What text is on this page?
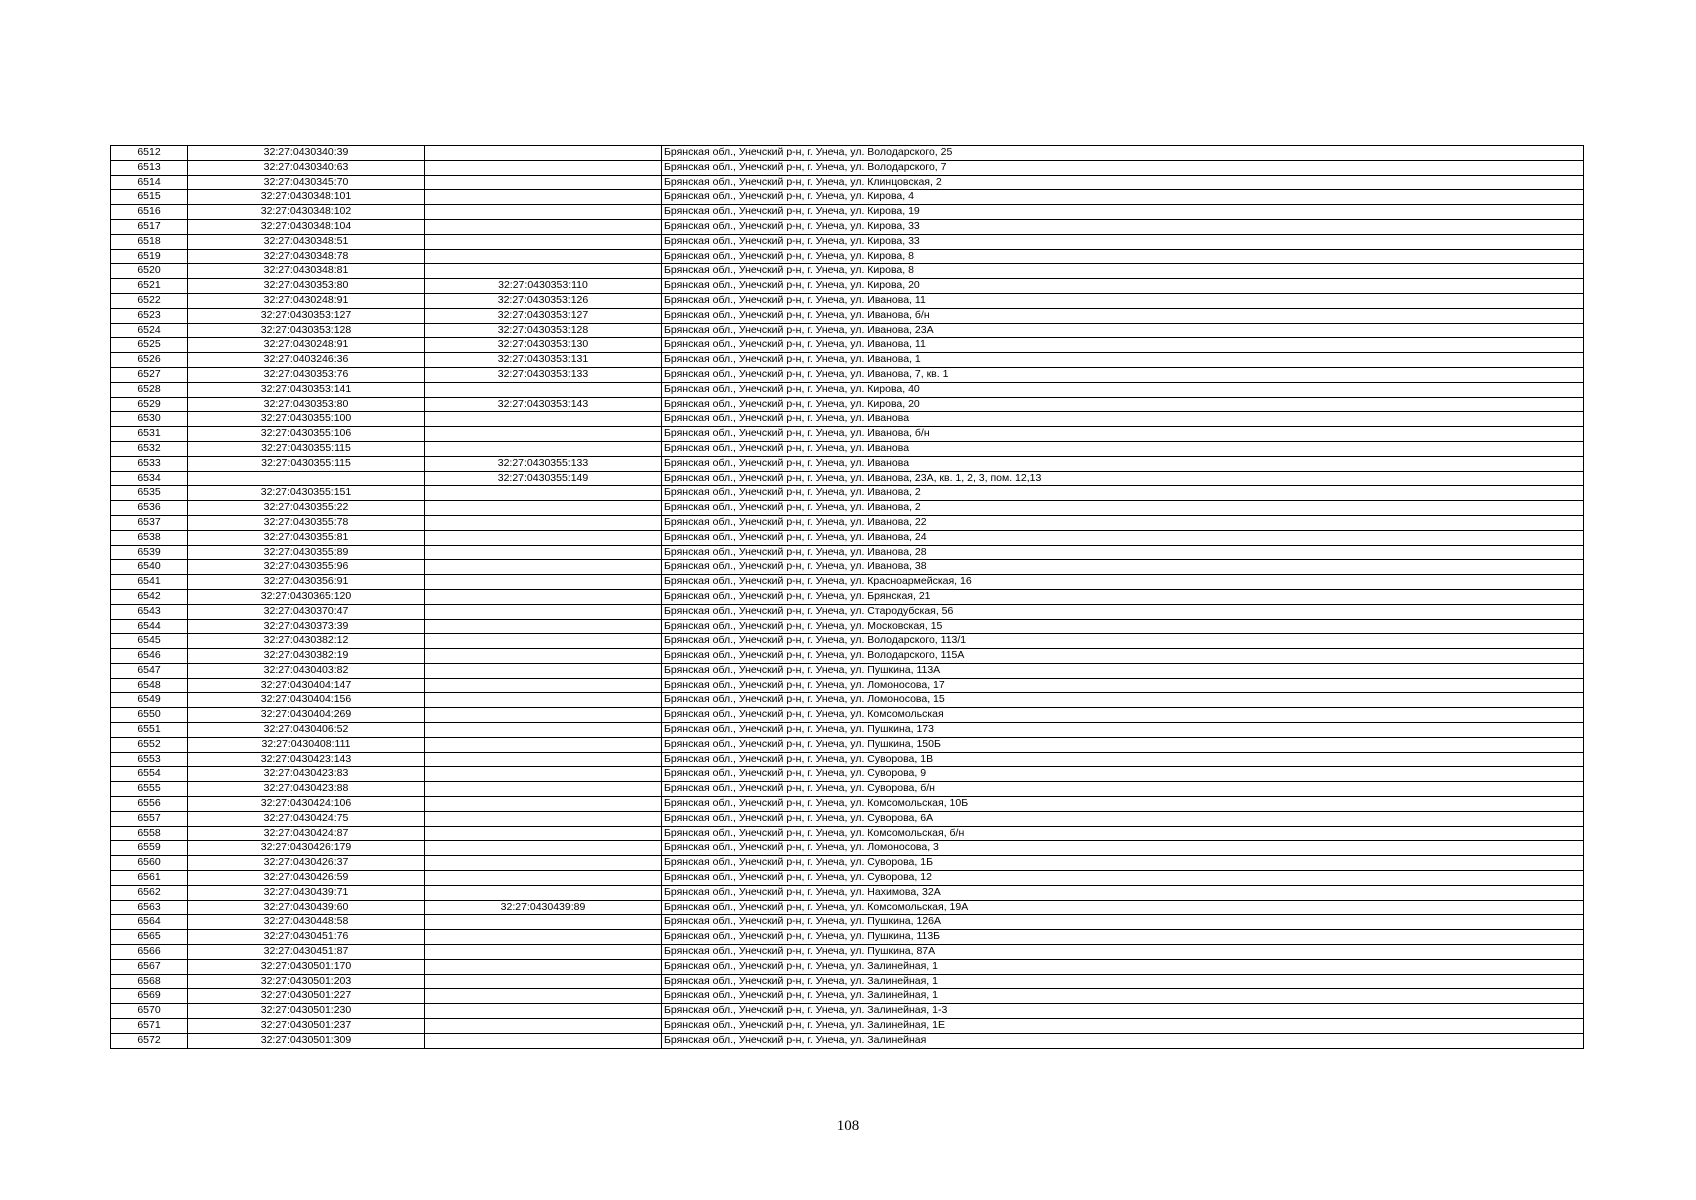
6512	32:27:0430340:39		Брянская обл., Унечский р-н, г. Унеча, ул. Володарского, 25
6513	32:27:0430340:63		Брянская обл., Унечский р-н, г. Унеча, ул. Володарского, 7
6514	32:27:0430345:70		Брянская обл., Унечский р-н, г. Унеча, ул. Клинцовская, 2
6515	32:27:0430348:101		Брянская обл., Унечский р-н, г. Унеча, ул. Кирова, 4
6516	32:27:0430348:102		Брянская обл., Унечский р-н, г. Унеча, ул. Кирова, 19
6517	32:27:0430348:104		Брянская обл., Унечский р-н, г. Унеча, ул. Кирова, 33
6518	32:27:0430348:51		Брянская обл., Унечский р-н, г. Унеча, ул. Кирова, 33
6519	32:27:0430348:78		Брянская обл., Унечский р-н, г. Унеча, ул. Кирова, 8
6520	32:27:0430348:81		Брянская обл., Унечский р-н, г. Унеча, ул. Кирова, 8
6521	32:27:0430353:80	32:27:0430353:110	Брянская обл., Унечский р-н, г. Унеча, ул. Кирова, 20
6522	32:27:0430248:91	32:27:0430353:126	Брянская обл., Унечский р-н, г. Унеча, ул. Иванова, 11
6523	32:27:0430353:127	32:27:0430353:127	Брянская обл., Унечский р-н, г. Унеча, ул. Иванова, б/н
6524	32:27:0430353:128	32:27:0430353:128	Брянская обл., Унечский р-н, г. Унеча, ул. Иванова, 23А
6525	32:27:0430248:91	32:27:0430353:130	Брянская обл., Унечский р-н, г. Унеча, ул. Иванова, 11
6526	32:27:0403246:36	32:27:0430353:131	Брянская обл., Унечский р-н, г. Унеча, ул. Иванова, 1
6527	32:27:0430353:76	32:27:0430353:133	Брянская обл., Унечский р-н, г. Унеча, ул. Иванова, 7, кв. 1
6528	32:27:0430353:141		Брянская обл., Унечский р-н, г. Унеча, ул. Кирова, 40
6529	32:27:0430353:80	32:27:0430353:143	Брянская обл., Унечский р-н, г. Унеча, ул. Кирова, 20
6530	32:27:0430355:100		Брянская обл., Унечский р-н, г. Унеча, ул. Иванова
6531	32:27:0430355:106		Брянская обл., Унечский р-н, г. Унеча, ул. Иванова, б/н
6532	32:27:0430355:115		Брянская обл., Унечский р-н, г. Унеча, ул. Иванова
6533	32:27:0430355:115	32:27:0430355:133	Брянская обл., Унечский р-н, г. Унеча, ул. Иванова
6534		32:27:0430355:149	Брянская обл., Унечский р-н, г. Унеча, ул. Иванова, 23А, кв. 1, 2, 3, пом. 12,13
6535	32:27:0430355:151		Брянская обл., Унечский р-н, г. Унеча, ул. Иванова, 2
6536	32:27:0430355:22		Брянская обл., Унечский р-н, г. Унеча, ул. Иванова, 2
6537	32:27:0430355:78		Брянская обл., Унечский р-н, г. Унеча, ул. Иванова, 22
6538	32:27:0430355:81		Брянская обл., Унечский р-н, г. Унеча, ул. Иванова, 24
6539	32:27:0430355:89		Брянская обл., Унечский р-н, г. Унеча, ул. Иванова, 28
6540	32:27:0430355:96		Брянская обл., Унечский р-н, г. Унеча, ул. Иванова, 38
6541	32:27:0430356:91		Брянская обл., Унечский р-н, г. Унеча, ул. Красноармейская, 16
6542	32:27:0430365:120		Брянская обл., Унечский р-н, г. Унеча, ул. Брянская, 21
6543	32:27:0430370:47		Брянская обл., Унечский р-н, г. Унеча, ул. Стародубская, 56
6544	32:27:0430373:39		Брянская обл., Унечский р-н, г. Унеча, ул. Московская, 15
6545	32:27:0430382:12		Брянская обл., Унечский р-н, г. Унеча, ул. Володарского, 113/1
6546	32:27:0430382:19		Брянская обл., Унечский р-н, г. Унеча, ул. Володарского, 115А
6547	32:27:0430403:82		Брянская обл., Унечский р-н, г. Унеча, ул. Пушкина, 113А
6548	32:27:0430404:147		Брянская обл., Унечский р-н, г. Унеча, ул. Ломоносова, 17
6549	32:27:0430404:156		Брянская обл., Унечский р-н, г. Унеча, ул. Ломоносова, 15
6550	32:27:0430404:269		Брянская обл., Унечский р-н, г. Унеча, ул. Комсомольская
6551	32:27:0430406:52		Брянская обл., Унечский р-н, г. Унеча, ул. Пушкина, 173
6552	32:27:0430408:111		Брянская обл., Унечский р-н, г. Унеча, ул. Пушкина, 150Б
6553	32:27:0430423:143		Брянская обл., Унечский р-н, г. Унеча, ул. Суворова, 1В
6554	32:27:0430423:83		Брянская обл., Унечский р-н, г. Унеча, ул. Суворова, 9
6555	32:27:0430423:88		Брянская обл., Унечский р-н, г. Унеча, ул. Суворова, б/н
6556	32:27:0430424:106		Брянская обл., Унечский р-н, г. Унеча, ул. Комсомольская, 10Б
6557	32:27:0430424:75		Брянская обл., Унечский р-н, г. Унеча, ул. Суворова, 6А
6558	32:27:0430424:87		Брянская обл., Унечский р-н, г. Унеча, ул. Комсомольская, б/н
6559	32:27:0430426:179		Брянская обл., Унечский р-н, г. Унеча, ул. Ломоносова, 3
6560	32:27:0430426:37		Брянская обл., Унечский р-н, г. Унеча, ул. Суворова, 1Б
6561	32:27:0430426:59		Брянская обл., Унечский р-н, г. Унеча, ул. Суворова, 12
6562	32:27:0430439:71		Брянская обл., Унечский р-н, г. Унеча, ул. Нахимова, 32А
6563	32:27:0430439:60	32:27:0430439:89	Брянская обл., Унечский р-н, г. Унеча, ул. Комсомольская, 19А
6564	32:27:0430448:58		Брянская обл., Унечский р-н, г. Унеча, ул. Пушкина, 126А
6565	32:27:0430451:76		Брянская обл., Унечский р-н, г. Унеча, ул. Пушкина, 113Б
6566	32:27:0430451:87		Брянская обл., Унечский р-н, г. Унеча, ул. Пушкина, 87А
6567	32:27:0430501:170		Брянская обл., Унечский р-н, г. Унеча, ул. Залинейная, 1
6568	32:27:0430501:203		Брянская обл., Унечский р-н, г. Унеча, ул. Залинейная, 1
6569	32:27:0430501:227		Брянская обл., Унечский р-н, г. Унеча, ул. Залинейная, 1
6570	32:27:0430501:230		Брянская обл., Унечский р-н, г. Унеча, ул. Залинейная, 1-3
6571	32:27:0430501:237		Брянская обл., Унечский р-н, г. Унеча, ул. Залинейная, 1Е
6572	32:27:0430501:309		Брянская обл., Унечский р-н, г. Унеча, ул. Залинейная
108
